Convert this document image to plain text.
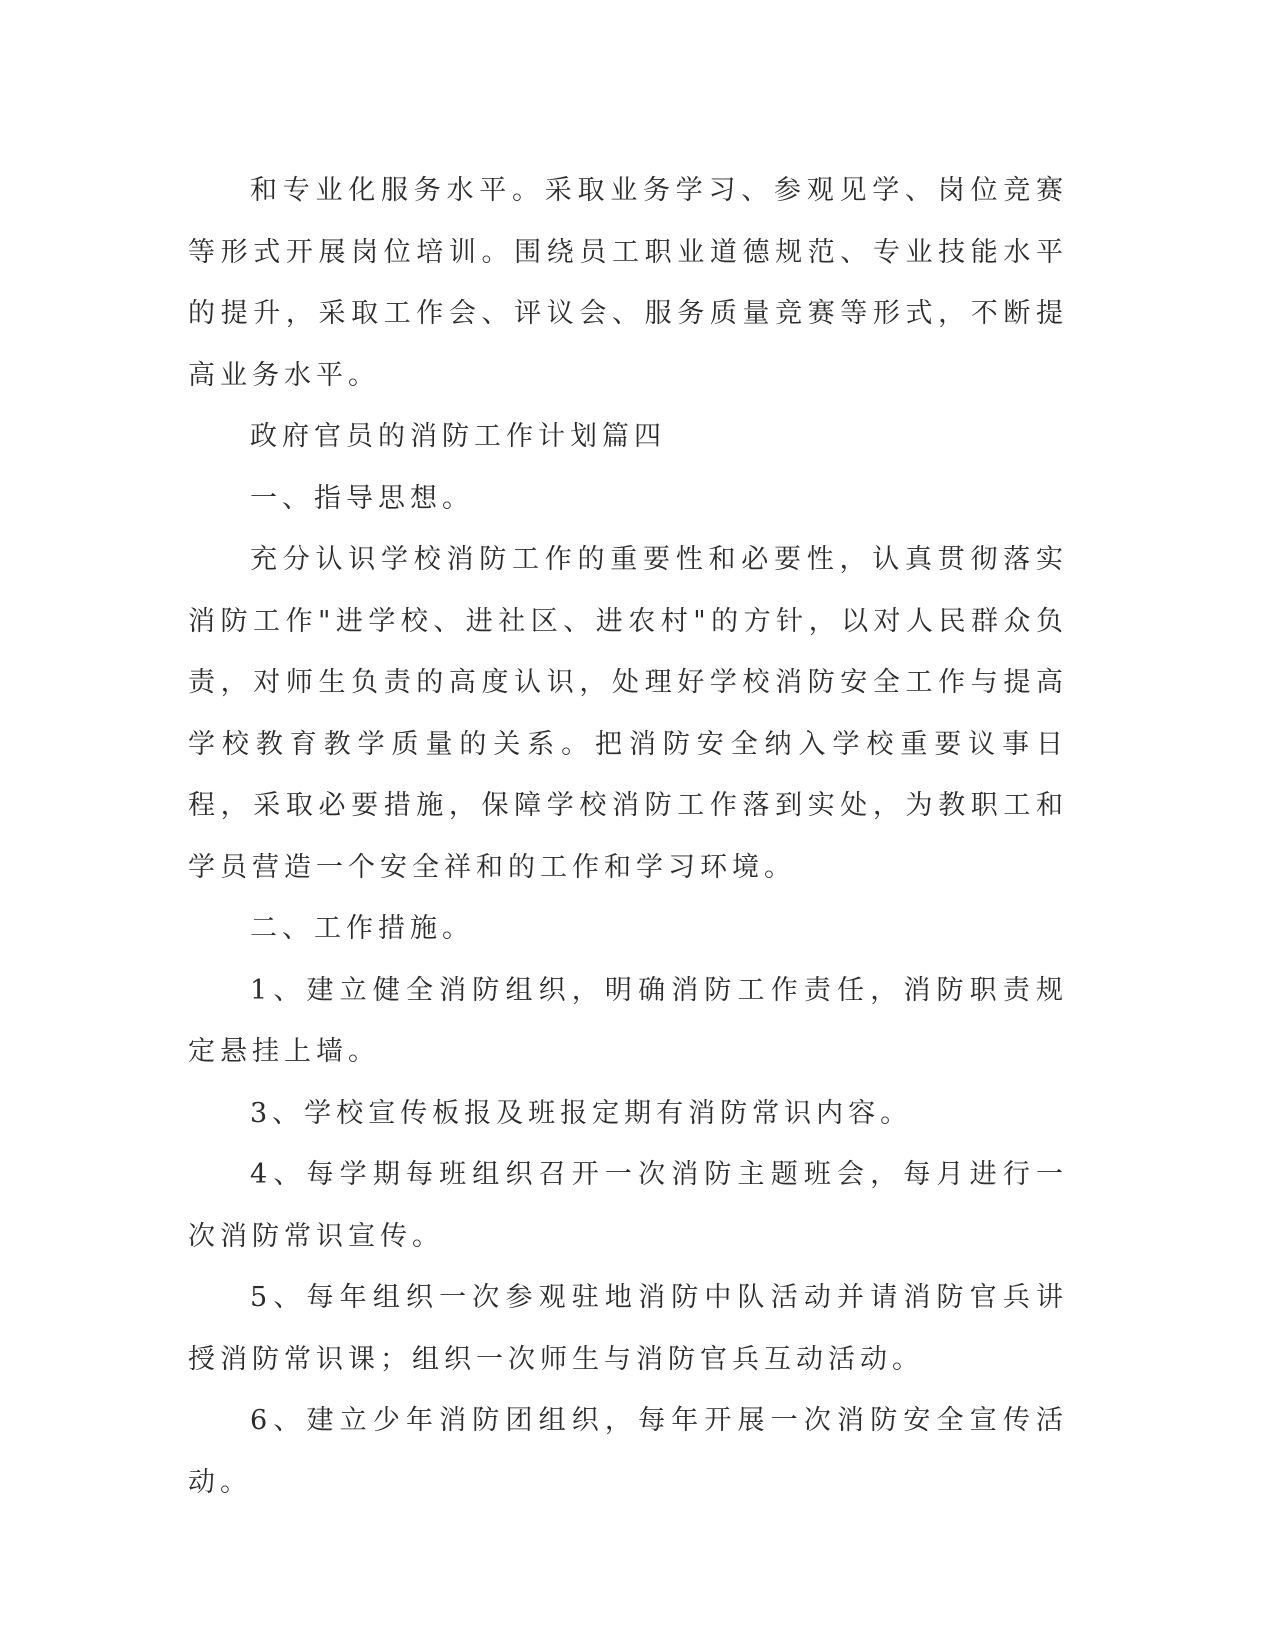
和专业化服务水平。采取业务学习、参观见学、岗位竞赛等形式开展岗位培训。围绕员工职业道德规范、专业技能水平的提升，采取工作会、评议会、服务质量竞赛等形式，不断提高业务水平。

政府官员的消防工作计划篇四

一、指导思想。

充分认识学校消防工作的重要性和必要性，认真贯彻落实消防工作"进学校、进社区、进农村"的方针，以对人民群众负责，对师生负责的高度认识，处理好学校消防安全工作与提高学校教育教学质量的关系。把消防安全纳入学校重要议事日程，采取必要措施，保障学校消防工作落到实处，为教职工和学员营造一个安全祥和的工作和学习环境。

二、工作措施。

1、建立健全消防组织，明确消防工作责任，消防职责规定悬挂上墙。

3、学校宣传板报及班报定期有消防常识内容。

4、每学期每班组织召开一次消防主题班会，每月进行一次消防常识宣传。

5、每年组织一次参观驻地消防中队活动并请消防官兵讲授消防常识课；组织一次师生与消防官兵互动活动。

6、建立少年消防团组织，每年开展一次消防安全宣传活动。
